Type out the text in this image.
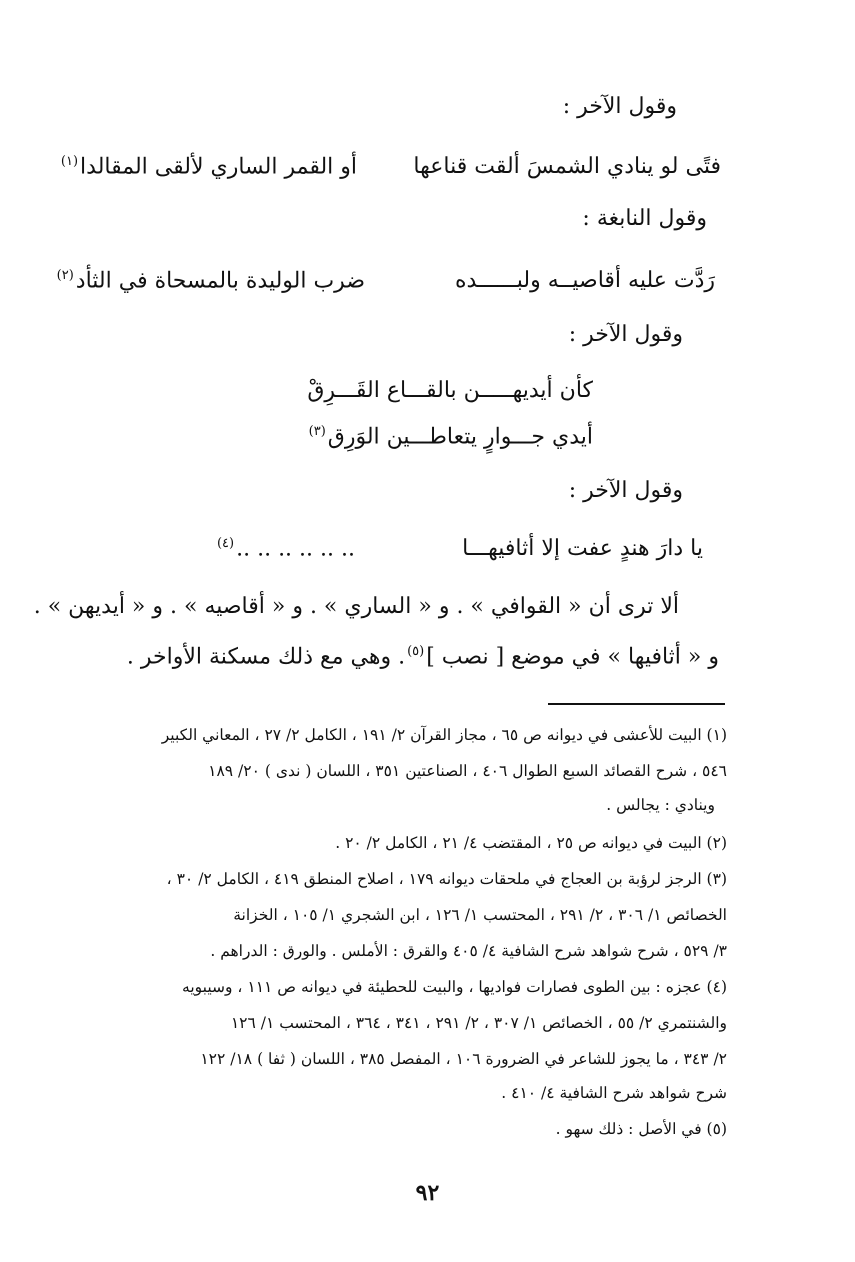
وقول الآخر :
فتًى لو ينادي الشمسَ ألقت قناعها
أو القمر الساري لألقى المقالدا$^{(١)}$
وقول النابغة :
رَدَّت عليه أقاصيــه ولبــــــده
ضرب الوليدة بالمسحاة في الثأد$^{(٢)}$
وقول الآخر :
كأن أيديهـــــن بالقـــاع القَـــرِقْ
أيدي جـــوارٍ يتعاطـــين الوَرِق$^{(٣)}$
وقول الآخر :
يا دارَ هندٍ عفت إلا أثافيهـــا
.. .. .. .. .. ..$^{(٤)}$
ألا ترى أن « القوافي » . و « الساري » . و « أقاصيه » . و « أيديهن » .
و « أثافيها » في موضع [ نصب ]$^{(٥)}$. وهي مع ذلك مسكنة الأواخر .
(١) البيت للأعشى في ديوانه ص ٦٥ ، مجاز القرآن ٢/ ١٩١ ، الكامل ٢/ ٢٧ ، المعاني الكبير
٥٤٦ ، شرح القصائد السبع الطوال ٤٠٦ ، الصناعتين ٣٥١ ، اللسان ( ندى ) ٢٠/ ١٨٩
وينادي : يجالس .
(٢) البيت في ديوانه ص ٢٥ ، المقتضب ٤/ ٢١ ، الكامل ٢/ ٢٠ .
(٣) الرجز لرؤبة بن العجاج في ملحقات ديوانه ١٧٩ ، اصلاح المنطق ٤١٩ ، الكامل ٢/ ٣٠ ،
الخصائص ١/ ٣٠٦ ، ٢/ ٢٩١ ، المحتسب ١/ ١٢٦ ، ابن الشجري ١/ ١٠٥ ، الخزانة
٣/ ٥٢٩ ، شرح شواهد شرح الشافية ٤/ ٤٠٥ والقرق : الأملس . والورق : الدراهم .
(٤) عجزه : بين الطوى فصارات فواديها ، والبيت للحطيئة في ديوانه ص ١١١ ، وسيبويه
والشنتمري ٢/ ٥٥ ، الخصائص ١/ ٣٠٧ ، ٢/ ٢٩١ ، ٣٤١ ، ٣٦٤ ، المحتسب ١/ ١٢٦
٢/ ٣٤٣ ، ما يجوز للشاعر في الضرورة ١٠٦ ، المفصل ٣٨٥ ، اللسان ( ثفا ) ١٨/ ١٢٢
شرح شواهد شرح الشافية ٤/ ٤١٠ .
(٥) في الأصل : ذلك سهو .
٩٢
